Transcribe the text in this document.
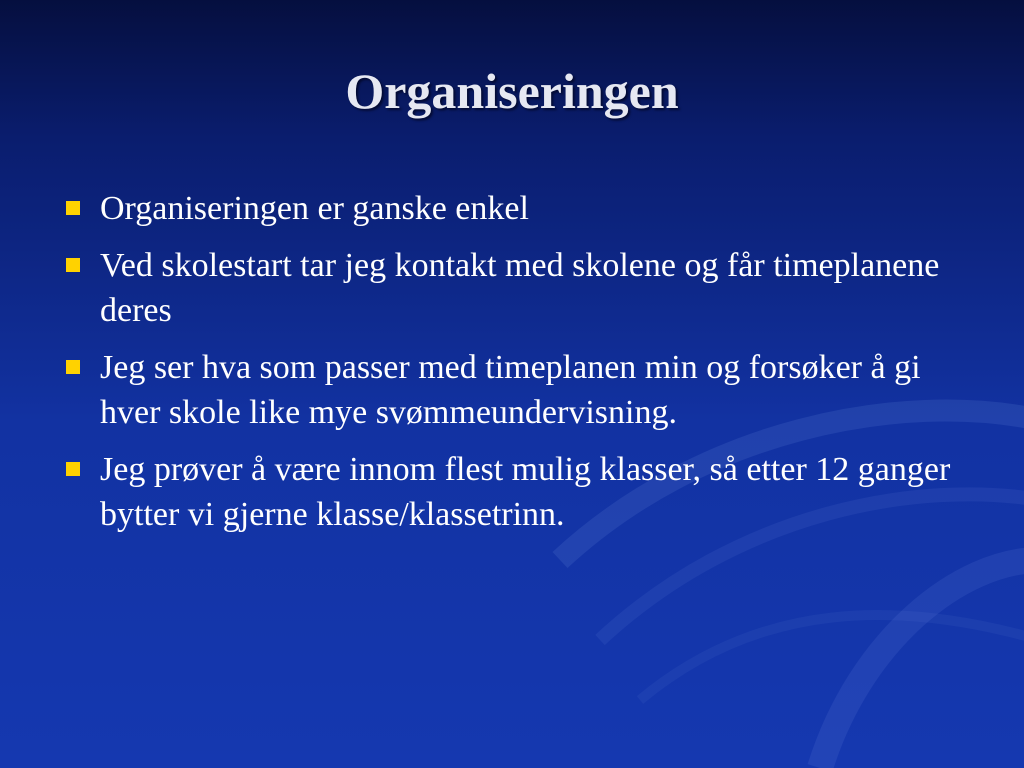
Organiseringen
Organiseringen er ganske enkel
Ved skolestart tar jeg kontakt med skolene og får timeplanene deres
Jeg ser hva som passer med timeplanen min og forsøker å gi hver skole like mye svømmeundervisning.
Jeg prøver å være innom flest mulig klasser, så etter 12 ganger bytter vi gjerne klasse/klassetrinn.
